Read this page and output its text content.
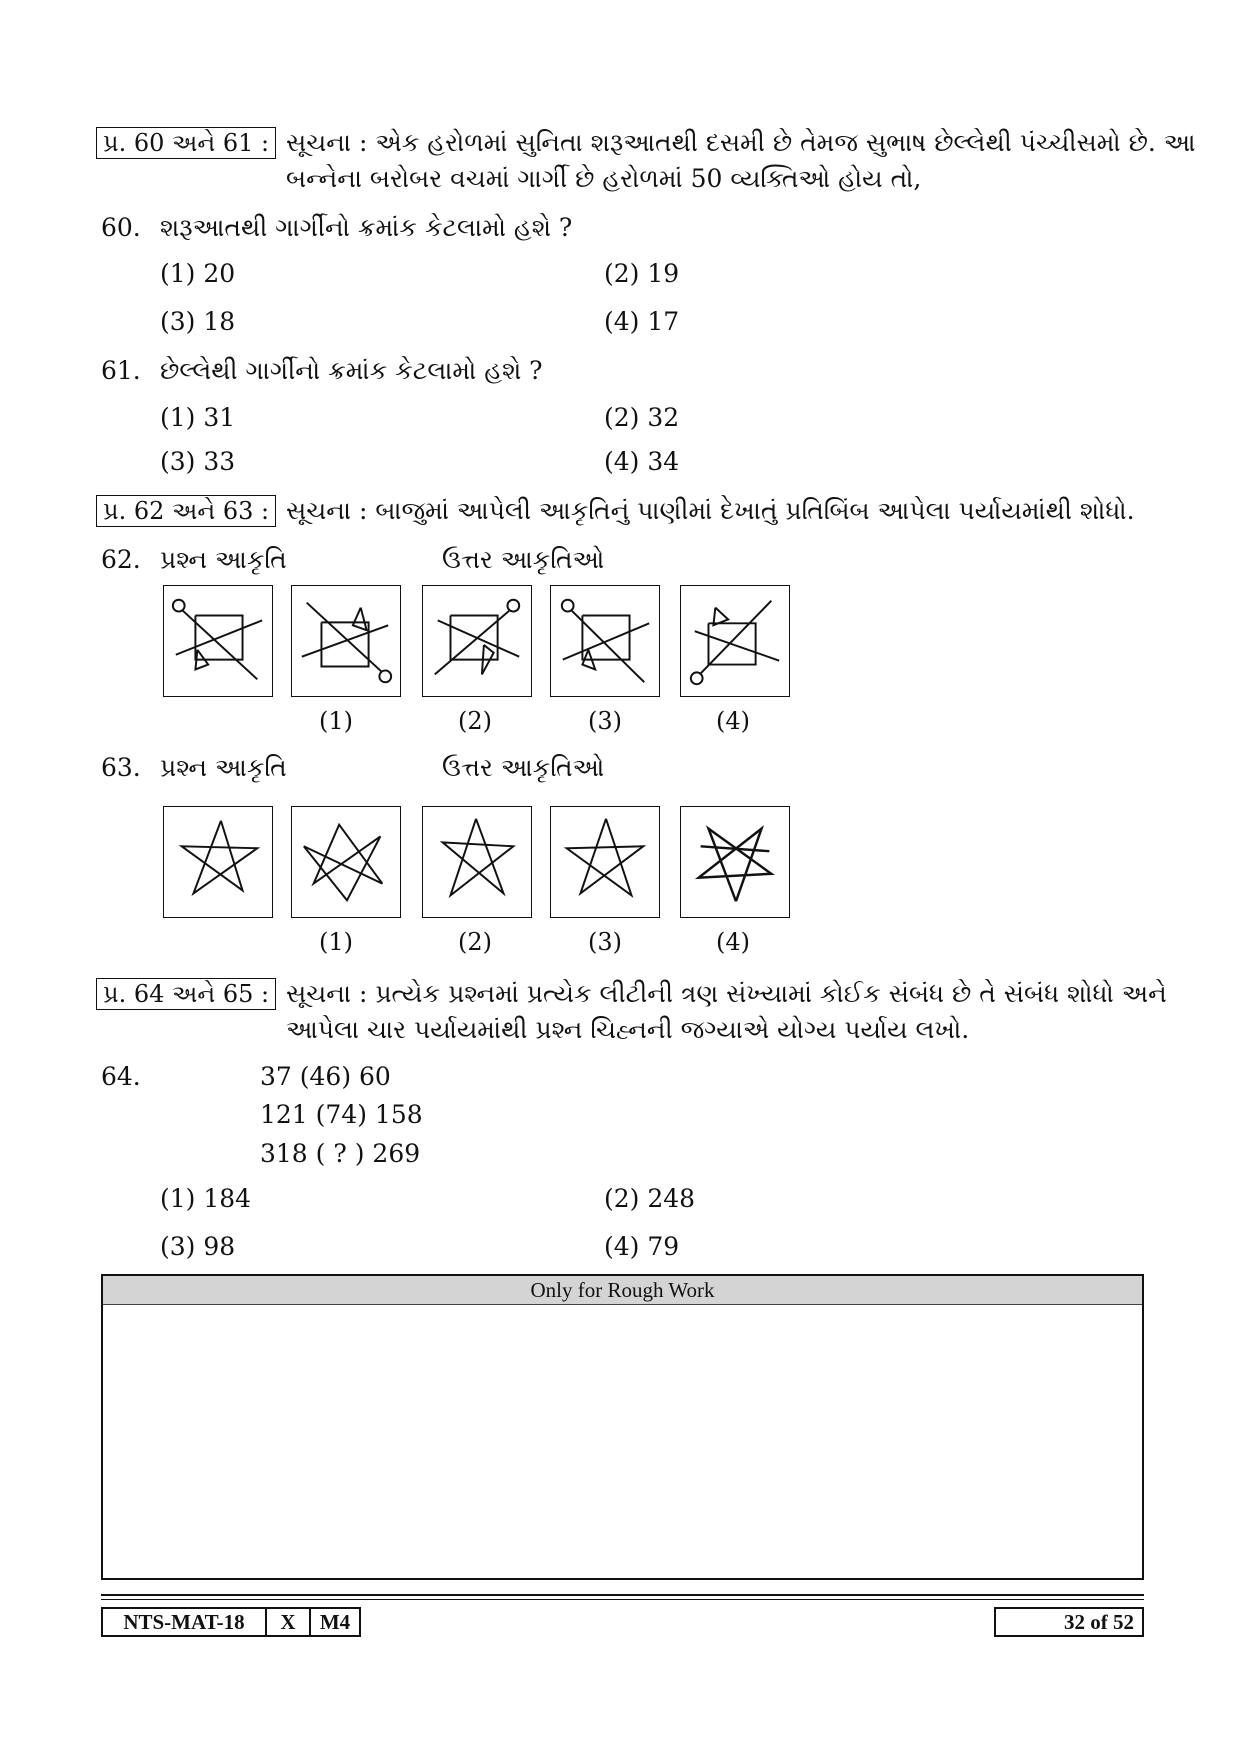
પ્ર. 60 અને 61 : સૂચના : એક હરોળમાં સુનિતા શરૂઆતથી દસમી છે તેમજ સુભાષ છેલ્લેથી પંચ્ચીસમો છે. આ
બન્નેના બરોબર વચમાં ગાર્ગી છે હરોળમાં 50 વ્યક્તિઓ હોય તો,
60. શરૂઆતથી ગાર્ગીનો ક્રમાંક કેટલામો હશે ?
(1) 20	(2) 19
(3) 18	(4) 17
61. છેલ્લેથી ગાર્ગીનો ક્રમાંક કેટલામો હશે ?
(1) 31	(2) 32
(3) 33	(4) 34
પ્ર. 62 અને 63 : સૂચના : બાજુમાં આપેલી આકૃતિનું પાણીમાં દેખાતું પ્રતિબિંબ આપેલા પર્યાયમાંથી શોધો.
62. પ્રશ્ન આકૃતિ	ઉત્તર આકૃતિઓ
(1)	(2)	(3)	(4)
63. પ્રશ્ન આકૃતિ	ઉત્તર આકૃતિઓ
(1)	(2)	(3)	(4)
પ્ર. 64 અને 65 : સૂચના : પ્રત્યેક પ્રશ્નમાં પ્રત્યેક લીટીની ત્રણ સંખ્યામાં કોઈક સંબંધ છે તે સંબંધ શોધો અને
આપેલા ચાર પર્યાયમાંથી પ્રશ્ન ચિહ્નની જગ્યાએ યોગ્ય પર્યાય લખો.
64.	37 (46) 60
121 (74) 158
318 ( ? ) 269
(1) 184	(2) 248
(3) 98	(4) 79
Only for Rough Work
NTS-MAT-18	X	M4	32 of 52
